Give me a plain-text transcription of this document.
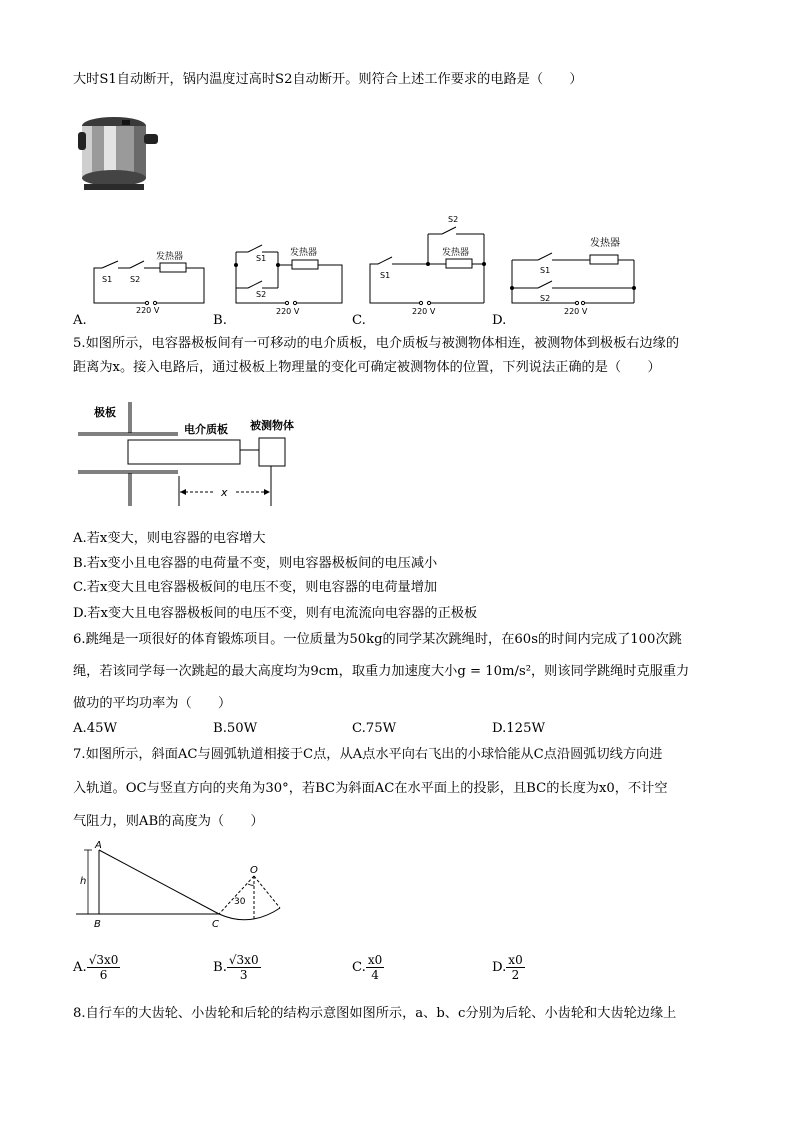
大时S1自动断开，锅内温度过高时S2自动断开。则符合上述工作要求的电路是（　　）
S1 S2
发热器
220 V
S1
S2
发热器
220 V
S1
S2
发热器
220 V
S1
S2
发热器
220 V
A.	B.	C.	D.
5.如图所示，电容器极板间有一可移动的电介质板，电介质板与被测物体相连，被测物体到极板右边缘的
距离为x。接入电路后，通过极板上物理量的变化可确定被测物体的位置，下列说法正确的是（　　）
x
极板
电介质板 被测物体
A.若x变大，则电容器的电容增大
B.若x变小且电容器的电荷量不变，则电容器极板间的电压减小
C.若x变大且电容器极板间的电压不变，则电容器的电荷量增加
D.若x变大且电容器极板间的电压不变，则有电流流向电容器的正极板
6.跳绳是一项很好的体育锻炼项目。一位质量为50kg的同学某次跳绳时，在60s的时间内完成了100次跳
绳，若该同学每一次跳起的最大高度均为9cm，取重力加速度大小g = 10m/s²，则该同学跳绳时克服重力
做功的平均功率为（　　）
A.45W	B.50W	C.75W	D.125W
7.如图所示，斜面AC与圆弧轨道相接于C点，从A点水平向右飞出的小球恰能从C点沿圆弧切线方向进
入轨道。OC与竖直方向的夹角为30°，若BC为斜面AC在水平面上的投影，且BC的长度为x0，不计空
气阻力，则AB的高度为（　　）
A
B	C
O
h
30
A. $\frac{√3x0}{6}$	B. $\frac{√3x0}{3}$	C. $\frac{x0}{4}$	D. $\frac{x0}{2}$
8.自行车的大齿轮、小齿轮和后轮的结构示意图如图所示，a、b、c分别为后轮、小齿轮和大齿轮边缘上
